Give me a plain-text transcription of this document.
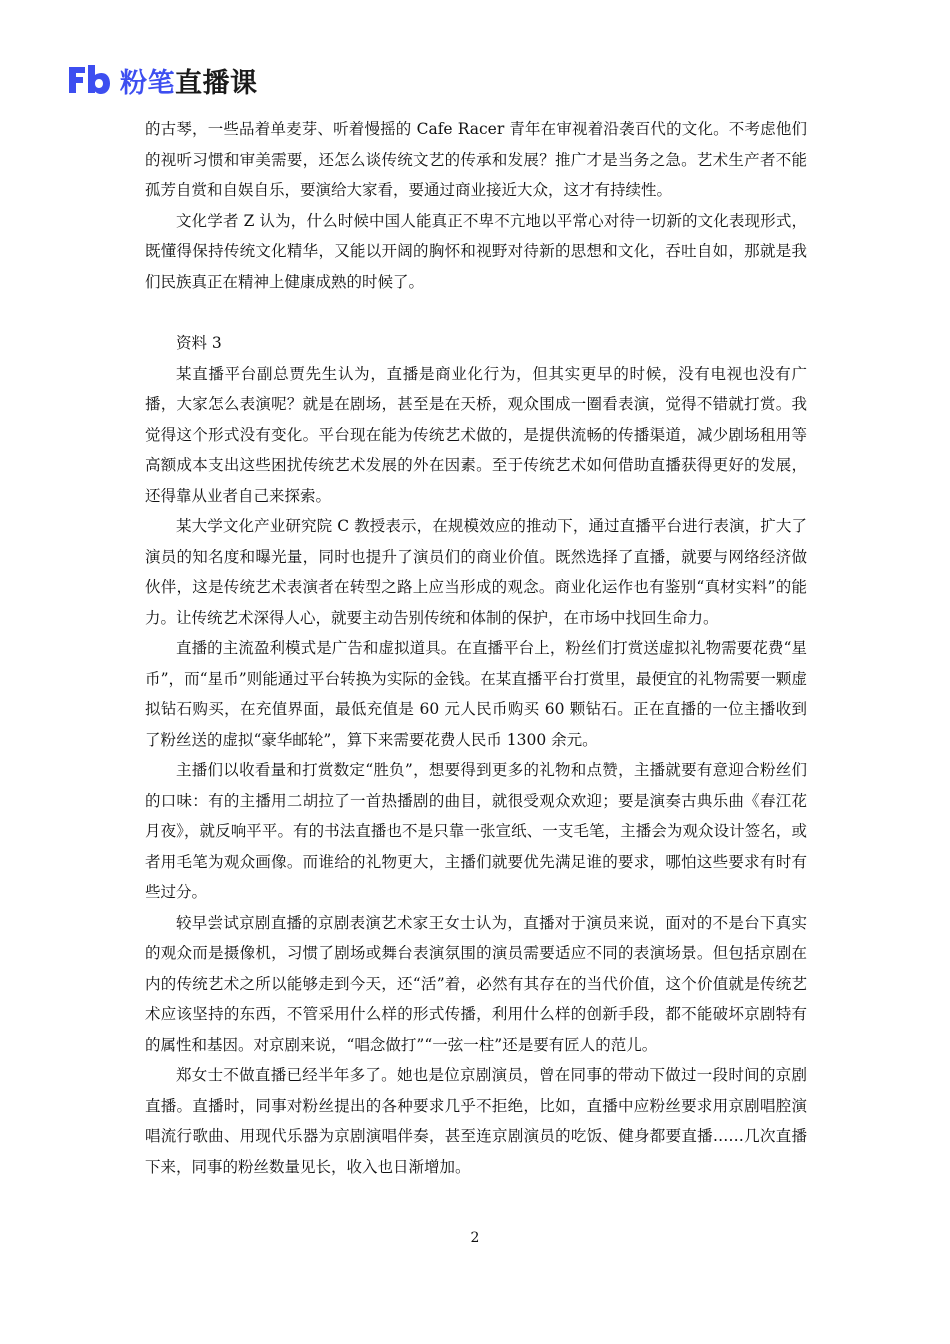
粉笔直播课

的古琴，一些品着单麦芽、听着慢摇的 Cafe Racer 青年在审视着沿袭百代的文化。不考虑他们的视听习惯和审美需要，还怎么谈传统文艺的传承和发展？推广才是当务之急。艺术生产者不能孤芳自赏和自娱自乐，要演给大家看，要通过商业接近大众，这才有持续性。

文化学者 Z 认为，什么时候中国人能真正不卑不亢地以平常心对待一切新的文化表现形式，既懂得保持传统文化精华，又能以开阔的胸怀和视野对待新的思想和文化，吞吐自如，那就是我们民族真正在精神上健康成熟的时候了。

资料 3

某直播平台副总贾先生认为，直播是商业化行为，但其实更早的时候，没有电视也没有广播，大家怎么表演呢？就是在剧场，甚至是在天桥，观众围成一圈看表演，觉得不错就打赏。我觉得这个形式没有变化。平台现在能为传统艺术做的，是提供流畅的传播渠道，减少剧场租用等高额成本支出这些困扰传统艺术发展的外在因素。至于传统艺术如何借助直播获得更好的发展，还得靠从业者自己来探索。

某大学文化产业研究院 C 教授表示，在规模效应的推动下，通过直播平台进行表演，扩大了演员的知名度和曝光量，同时也提升了演员们的商业价值。既然选择了直播，就要与网络经济做伙伴，这是传统艺术表演者在转型之路上应当形成的观念。商业化运作也有鉴别“真材实料”的能力。让传统艺术深得人心，就要主动告别传统和体制的保护，在市场中找回生命力。

直播的主流盈利模式是广告和虚拟道具。在直播平台上，粉丝们打赏送虚拟礼物需要花费“星币”，而“星币”则能通过平台转换为实际的金钱。在某直播平台打赏里，最便宜的礼物需要一颗虚拟钻石购买，在充值界面，最低充值是 60 元人民币购买 60 颗钻石。正在直播的一位主播收到了粉丝送的虚拟“豪华邮轮”，算下来需要花费人民币 1300 余元。

主播们以收看量和打赏数定“胜负”，想要得到更多的礼物和点赞，主播就要有意迎合粉丝们的口味：有的主播用二胡拉了一首热播剧的曲目，就很受观众欢迎；要是演奏古典乐曲《春江花月夜》，就反响平平。有的书法直播也不是只靠一张宣纸、一支毛笔，主播会为观众设计签名，或者用毛笔为观众画像。而谁给的礼物更大，主播们就要优先满足谁的要求，哪怕这些要求有时有些过分。

较早尝试京剧直播的京剧表演艺术家王女士认为，直播对于演员来说，面对的不是台下真实的观众而是摄像机，习惯了剧场或舞台表演氛围的演员需要适应不同的表演场景。但包括京剧在内的传统艺术之所以能够走到今天，还“活”着，必然有其存在的当代价值，这个价值就是传统艺术应该坚持的东西，不管采用什么样的形式传播，利用什么样的创新手段，都不能破坏京剧特有的属性和基因。对京剧来说，“唱念做打”“一弦一柱”还是要有匠人的范儿。

郑女士不做直播已经半年多了。她也是位京剧演员，曾在同事的带动下做过一段时间的京剧直播。直播时，同事对粉丝提出的各种要求几乎不拒绝，比如，直播中应粉丝要求用京剧唱腔演唱流行歌曲、用现代乐器为京剧演唱伴奏，甚至连京剧演员的吃饭、健身都要直播……几次直播下来，同事的粉丝数量见长，收入也日渐增加。

2
